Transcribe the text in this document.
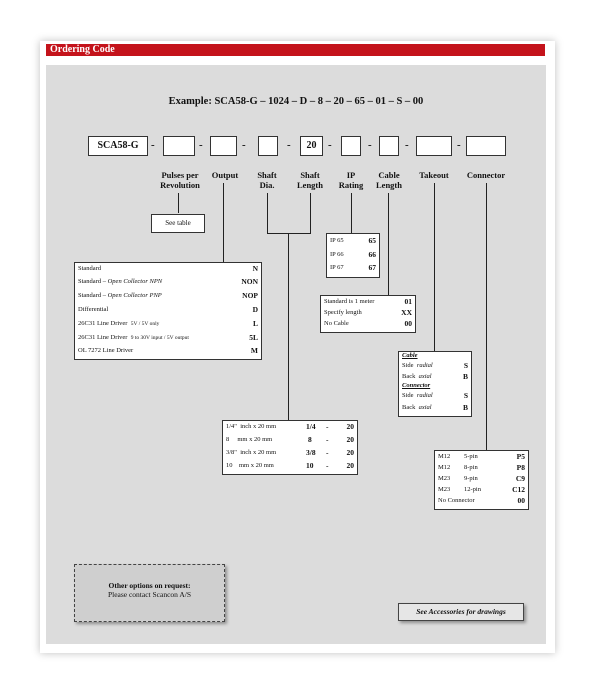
Ordering Code
Example: SCA58-G – 1024 – D – 8 – 20 – 65 – 01 – S – 00
SCA58-G	-	-	-	-	20	-	-	-	-
Pulses per Revolution
Output	Shaft Dia.
Shaft Length
IP Rating
Cable Length
Takeout	Connector
See table
Standard	N
Standard – Open Collector NPN	NON
Standard – Open Collector PNP	NOP
Differential	D
26C31 Line Driver 5V / 5V only	L
26C31 Line Driver 9 to 30V input / 5V output	5L
OL 7272 Line Driver	M
IP 65	65
IP 66	66
IP 67	67
Standard is 1 meter	01
Specify length	XX
No Cable	00
Cable
Side radial	S
Back axial	B
Connector
Side radial	S
Back axial	B
1/4"  inch x 20 mm	1/4 - 20
8     mm x 20 mm	8 - 20
3/8"  inch x 20 mm	3/8 - 20
10    mm x 20 mm	10 - 20
M12 5-pin	P5
M12 8-pin	P8
M23 9-pin	C9
M23 12-pin	C12
No Connector	00
Other options on request:
Please contact Scancon A/S
See Accessories for drawings
